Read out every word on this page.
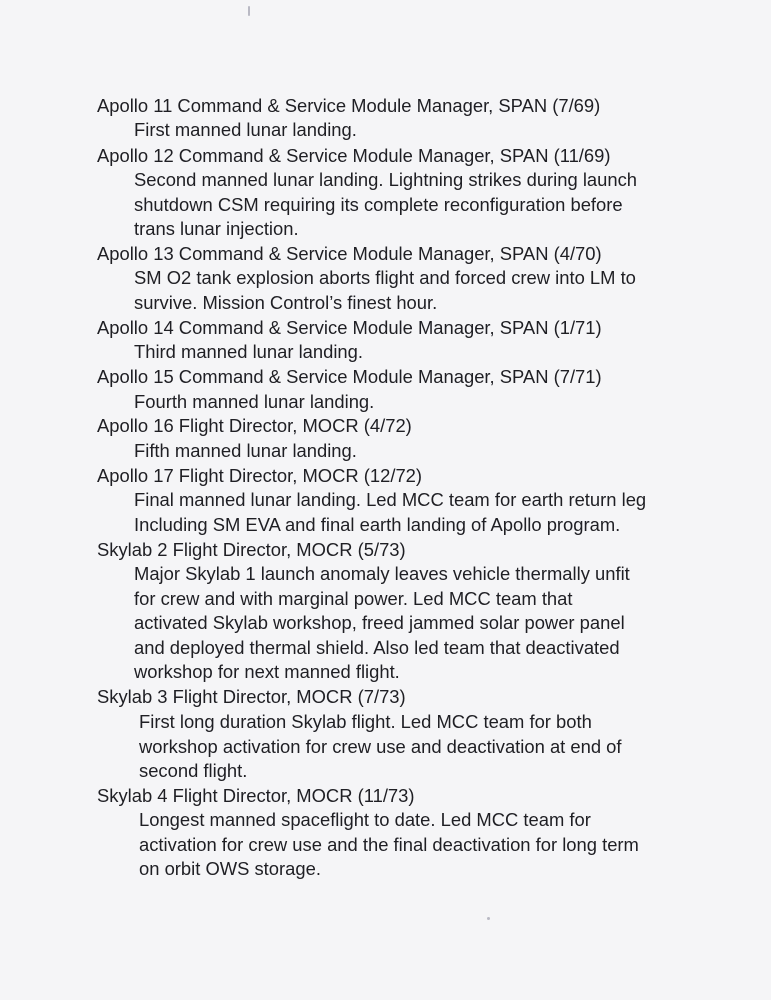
Apollo 11 Command & Service Module Manager, SPAN (7/69)
First manned lunar landing.
Apollo 12 Command & Service Module Manager, SPAN (11/69)
Second manned lunar landing. Lightning strikes during launch
shutdown CSM requiring its complete reconfiguration before
trans lunar injection.
Apollo 13 Command & Service Module Manager, SPAN (4/70)
SM O2 tank explosion aborts flight and forced crew into LM to
survive. Mission Control’s finest hour.
Apollo 14 Command & Service Module Manager, SPAN (1/71)
Third manned lunar landing.
Apollo 15 Command & Service Module Manager, SPAN (7/71)
Fourth manned lunar landing.
Apollo 16 Flight Director, MOCR (4/72)
Fifth manned lunar landing.
Apollo 17 Flight Director, MOCR (12/72)
Final manned lunar landing. Led MCC team for earth return leg
Including SM EVA and final earth landing of Apollo program.
Skylab 2 Flight Director, MOCR (5/73)
Major Skylab 1 launch anomaly leaves vehicle thermally unfit
for crew and with marginal power. Led MCC team that
activated Skylab workshop, freed jammed solar power panel
and deployed thermal shield. Also led team that deactivated
workshop for next manned flight.
Skylab 3 Flight Director, MOCR (7/73)
First long duration Skylab flight. Led MCC team for both
workshop activation for crew use and deactivation at end of
second flight.
Skylab 4 Flight Director, MOCR (11/73)
Longest manned spaceflight to date. Led MCC team for
activation for crew use and the final deactivation for long term
on orbit OWS storage.
